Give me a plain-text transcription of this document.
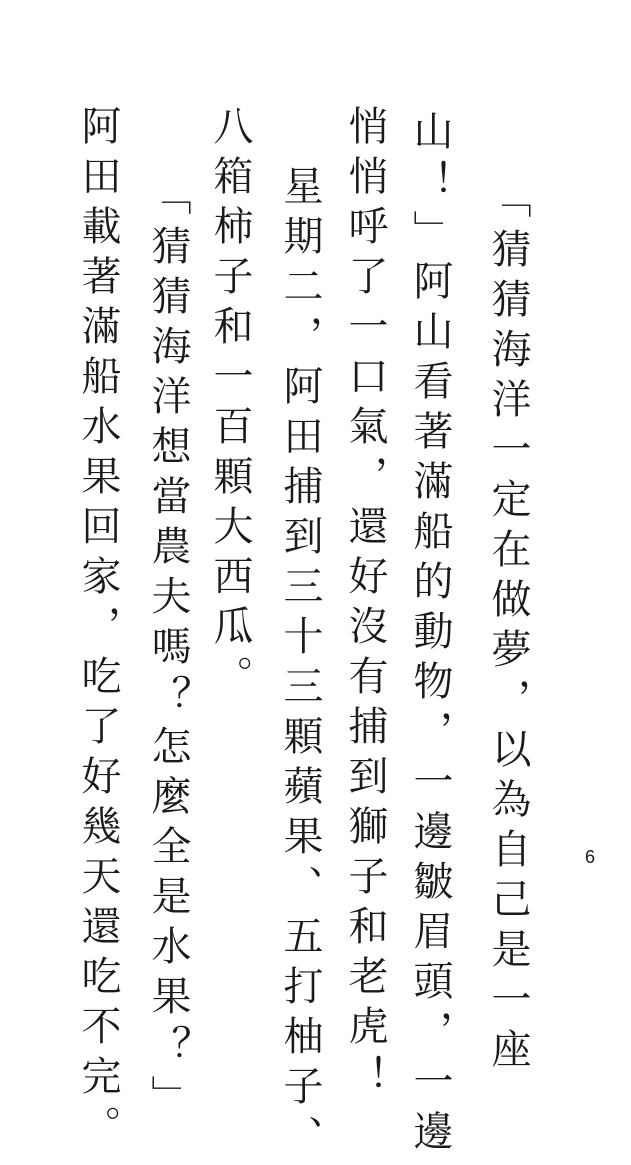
「猜猜海洋一定在做夢，以為自己是一座
山！」阿山看著滿船的動物，一邊皺眉頭，一邊
悄悄呼了一口氣，還好沒有捕到獅子和老虎！
星期二，阿田捕到三十三顆蘋果、五打柚子、
八箱柿子和一百顆大西瓜。
「猜猜海洋想當農夫嗎？怎麼全是水果？」
阿田載著滿船水果回家，吃了好幾天還吃不完。	6
